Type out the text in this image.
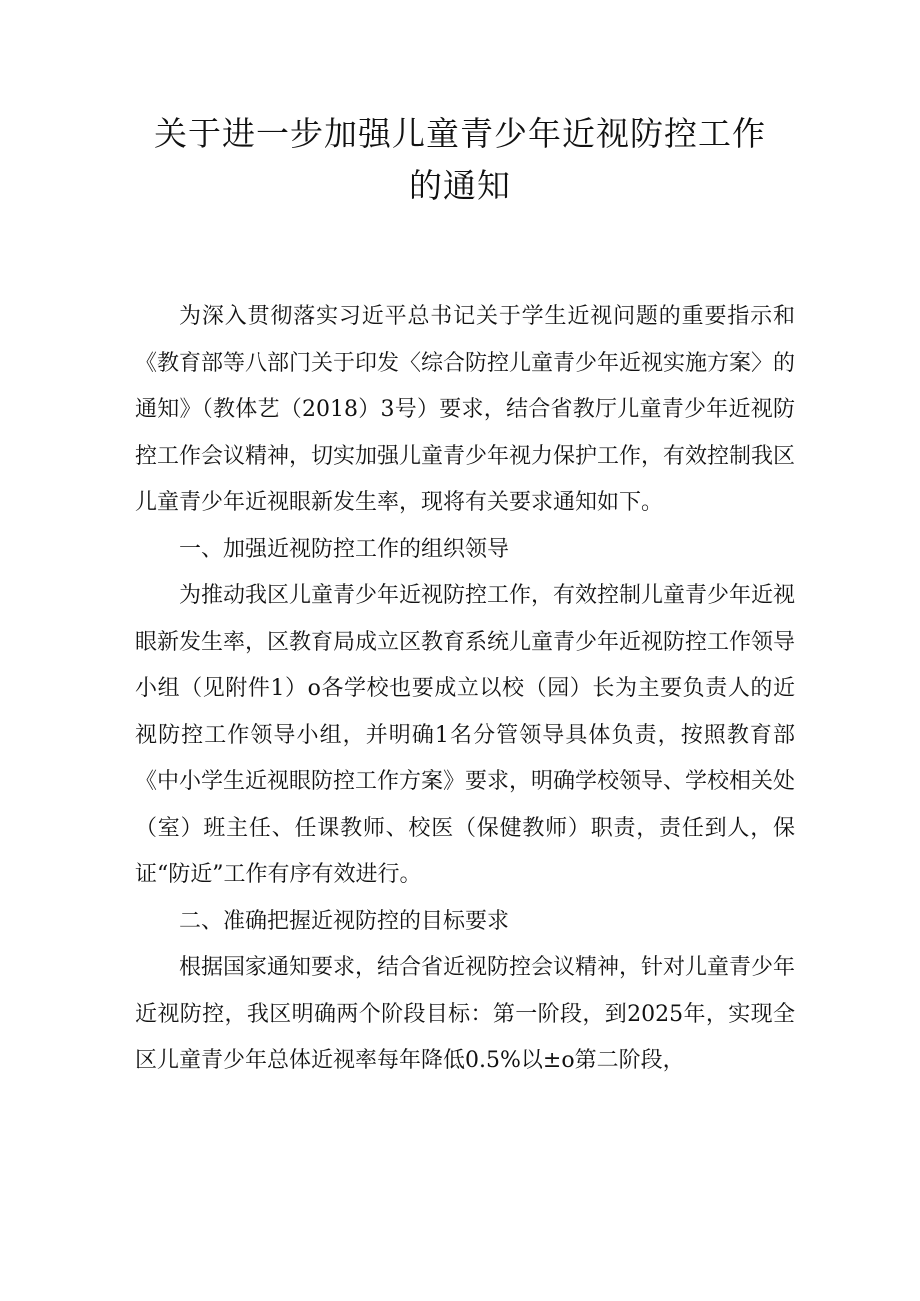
关于进一步加强儿童青少年近视防控工作
的通知

为深入贯彻落实习近平总书记关于学生近视问题的重要指示和《教育部等八部门关于印发〈综合防控儿童青少年近视实施方案〉的通知》（教体艺（2018）3号）要求，结合省教厅儿童青少年近视防控工作会议精神，切实加强儿童青少年视力保护工作，有效控制我区儿童青少年近视眼新发生率，现将有关要求通知如下。

一、加强近视防控工作的组织领导

为推动我区儿童青少年近视防控工作，有效控制儿童青少年近视眼新发生率，区教育局成立区教育系统儿童青少年近视防控工作领导小组（见附件1）o各学校也要成立以校（园）长为主要负责人的近视防控工作领导小组，并明确1名分管领导具体负责，按照教育部《中小学生近视眼防控工作方案》要求，明确学校领导、学校相关处（室）班主任、任课教师、校医（保健教师）职责，责任到人，保证“防近”工作有序有效进行。

二、准确把握近视防控的目标要求

根据国家通知要求，结合省近视防控会议精神，针对儿童青少年近视防控，我区明确两个阶段目标：第一阶段，到2025年，实现全区儿童青少年总体近视率每年降低0.5%以±o第二阶段，
